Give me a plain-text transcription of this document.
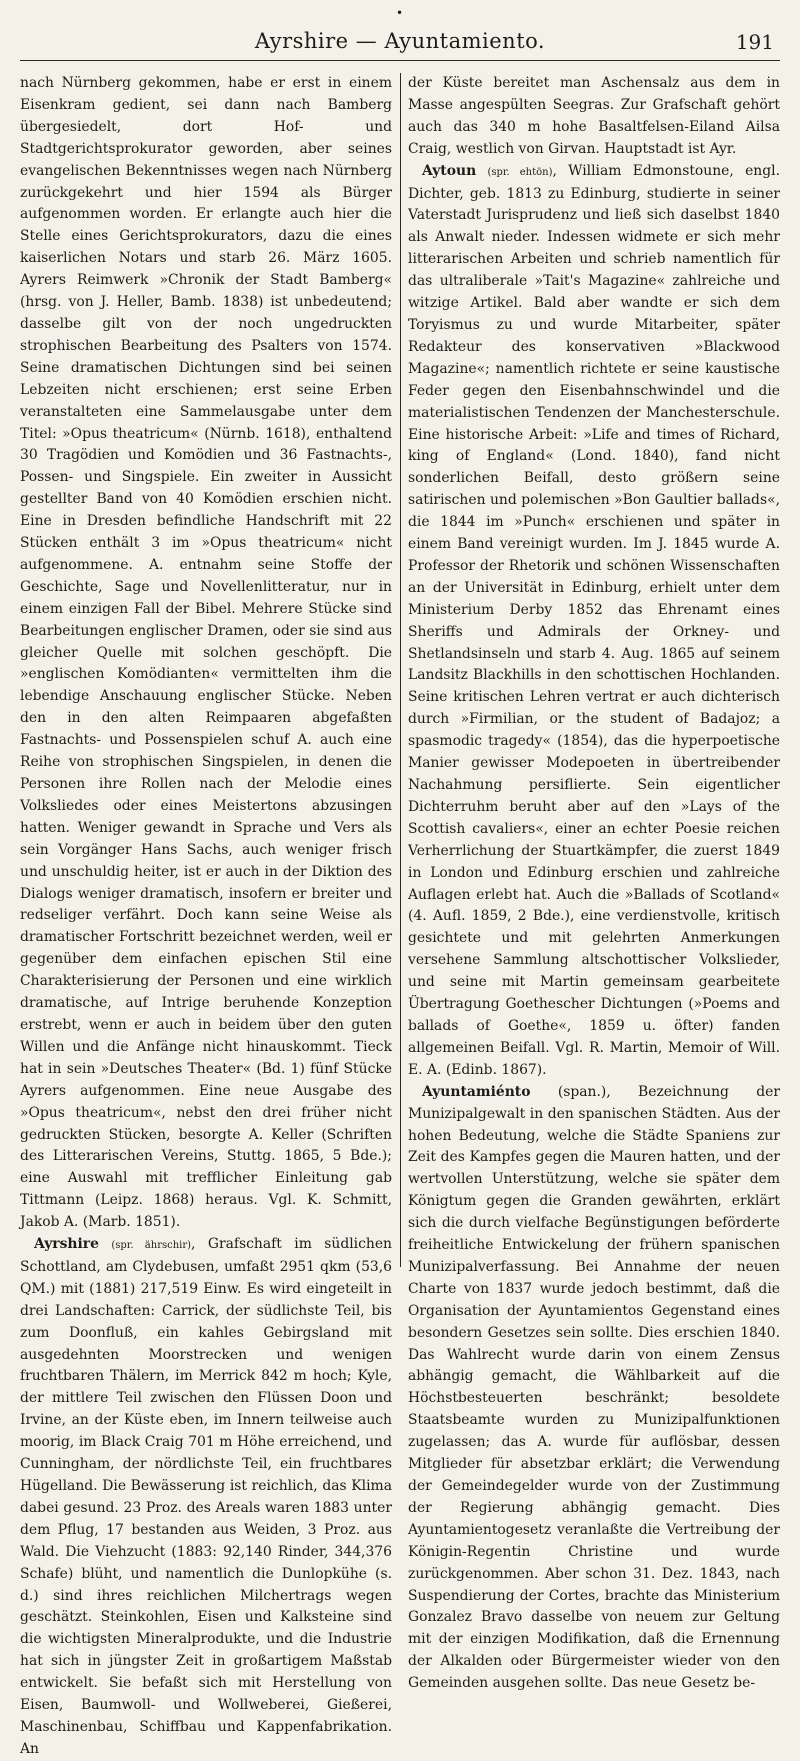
•
Ayrshire — Ayuntamiento.	191

nach Nürnberg gekommen, habe er erst in einem Eisenkram gedient, sei dann nach Bamberg übergesiedelt, dort Hof- und Stadtgerichtsprokurator geworden, aber seines evangelischen Bekenntnisses wegen nach Nürnberg zurückgekehrt und hier 1594 als Bürger aufgenommen worden. Er erlangte auch hier die Stelle eines Gerichtsprokurators, dazu die eines kaiserlichen Notars und starb 26. März 1605. Ayrers Reimwerk »Chronik der Stadt Bamberg« (hrsg. von J. Heller, Bamb. 1838) ist unbedeutend; dasselbe gilt von der noch ungedruckten strophischen Bearbeitung des Psalters von 1574. Seine dramatischen Dichtungen sind bei seinen Lebzeiten nicht erschienen; erst seine Erben veranstalteten eine Sammelausgabe unter dem Titel: »Opus theatricum« (Nürnb. 1618), enthaltend 30 Tragödien und Komödien und 36 Fastnachts-, Possen- und Singspiele. Ein zweiter in Aussicht gestellter Band von 40 Komödien erschien nicht. Eine in Dresden befindliche Handschrift mit 22 Stücken enthält 3 im »Opus theatricum« nicht aufgenommene. A. entnahm seine Stoffe der Geschichte, Sage und Novellenlitteratur, nur in einem einzigen Fall der Bibel. Mehrere Stücke sind Bearbeitungen englischer Dramen, oder sie sind aus gleicher Quelle mit solchen geschöpft. Die »englischen Komödianten« vermittelten ihm die lebendige Anschauung englischer Stücke. Neben den in den alten Reimpaaren abgefaßten Fastnachts- und Possenspielen schuf A. auch eine Reihe von strophischen Singspielen, in denen die Personen ihre Rollen nach der Melodie eines Volksliedes oder eines Meistertons abzusingen hatten. Weniger gewandt in Sprache und Vers als sein Vorgänger Hans Sachs, auch weniger frisch und unschuldig heiter, ist er auch in der Diktion des Dialogs weniger dramatisch, insofern er breiter und redseliger verfährt. Doch kann seine Weise als dramatischer Fortschritt bezeichnet werden, weil er gegenüber dem einfachen epischen Stil eine Charakterisierung der Personen und eine wirklich dramatische, auf Intrige beruhende Konzeption erstrebt, wenn er auch in beidem über den guten Willen und die Anfänge nicht hinauskommt. Tieck hat in sein »Deutsches Theater« (Bd. 1) fünf Stücke Ayrers aufgenommen. Eine neue Ausgabe des »Opus theatricum«, nebst den drei früher nicht gedruckten Stücken, besorgte A. Keller (Schriften des Litterarischen Vereins, Stuttg. 1865, 5 Bde.); eine Auswahl mit trefflicher Einleitung gab Tittmann (Leipz. 1868) heraus. Vgl. K. Schmitt, Jakob A. (Marb. 1851).

Ayrshire (spr. ährschir), Grafschaft im südlichen Schottland, am Clydebusen, umfaßt 2951 qkm (53,6 QM.) mit (1881) 217,519 Einw. Es wird eingeteilt in drei Landschaften: Carrick, der südlichste Teil, bis zum Doonfluß, ein kahles Gebirgsland mit ausgedehnten Moorstrecken und wenigen fruchtbaren Thälern, im Merrick 842 m hoch; Kyle, der mittlere Teil zwischen den Flüssen Doon und Irvine, an der Küste eben, im Innern teilweise auch moorig, im Black Craig 701 m Höhe erreichend, und Cunningham, der nördlichste Teil, ein fruchtbares Hügelland. Die Bewässerung ist reichlich, das Klima dabei gesund. 23 Proz. des Areals waren 1883 unter dem Pflug, 17 bestanden aus Weiden, 3 Proz. aus Wald. Die Viehzucht (1883: 92,140 Rinder, 344,376 Schafe) blüht, und namentlich die Dunlopkühe (s. d.) sind ihres reichlichen Milchertrags wegen geschätzt. Steinkohlen, Eisen und Kalksteine sind die wichtigsten Mineralprodukte, und die Industrie hat sich in jüngster Zeit in großartigem Maßstab entwickelt. Sie befaßt sich mit Herstellung von Eisen, Baumwoll- und Wollweberei, Gießerei, Maschinenbau, Schiffbau und Kappenfabrikation. An

der Küste bereitet man Aschensalz aus dem in Masse angespülten Seegras. Zur Grafschaft gehört auch das 340 m hohe Basaltfelsen-Eiland Ailsa Craig, westlich von Girvan. Hauptstadt ist Ayr.

Aytoun (spr. ehtön), William Edmonstoune, engl. Dichter, geb. 1813 zu Edinburg, studierte in seiner Vaterstadt Jurisprudenz und ließ sich daselbst 1840 als Anwalt nieder. Indessen widmete er sich mehr litterarischen Arbeiten und schrieb namentlich für das ultraliberale »Tait's Magazine« zahlreiche und witzige Artikel. Bald aber wandte er sich dem Toryismus zu und wurde Mitarbeiter, später Redakteur des konservativen »Blackwood Magazine«; namentlich richtete er seine kaustische Feder gegen den Eisenbahnschwindel und die materialistischen Tendenzen der Manchesterschule. Eine historische Arbeit: »Life and times of Richard, king of England« (Lond. 1840), fand nicht sonderlichen Beifall, desto größern seine satirischen und polemischen »Bon Gaultier ballads«, die 1844 im »Punch« erschienen und später in einem Band vereinigt wurden. Im J. 1845 wurde A. Professor der Rhetorik und schönen Wissenschaften an der Universität in Edinburg, erhielt unter dem Ministerium Derby 1852 das Ehrenamt eines Sheriffs und Admirals der Orkney- und Shetlandsinseln und starb 4. Aug. 1865 auf seinem Landsitz Blackhills in den schottischen Hochlanden. Seine kritischen Lehren vertrat er auch dichterisch durch »Firmilian, or the student of Badajoz; a spasmodic tragedy« (1854), das die hyperpoetische Manier gewisser Modepoeten in übertreibender Nachahmung persiflierte. Sein eigentlicher Dichterruhm beruht aber auf den »Lays of the Scottish cavaliers«, einer an echter Poesie reichen Verherrlichung der Stuartkämpfer, die zuerst 1849 in London und Edinburg erschien und zahlreiche Auflagen erlebt hat. Auch die »Ballads of Scotland« (4. Aufl. 1859, 2 Bde.), eine verdienstvolle, kritisch gesichtete und mit gelehrten Anmerkungen versehene Sammlung altschottischer Volkslieder, und seine mit Martin gemeinsam gearbeitete Übertragung Goethescher Dichtungen (»Poems and ballads of Goethe«, 1859 u. öfter) fanden allgemeinen Beifall. Vgl. R. Martin, Memoir of Will. E. A. (Edinb. 1867).

Ayuntamiénto (span.), Bezeichnung der Munizipalgewalt in den spanischen Städten. Aus der hohen Bedeutung, welche die Städte Spaniens zur Zeit des Kampfes gegen die Mauren hatten, und der wertvollen Unterstützung, welche sie später dem Königtum gegen die Granden gewährten, erklärt sich die durch vielfache Begünstigungen beförderte freiheitliche Entwickelung der frühern spanischen Munizipalverfassung. Bei Annahme der neuen Charte von 1837 wurde jedoch bestimmt, daß die Organisation der Ayuntamientos Gegenstand eines besondern Gesetzes sein sollte. Dies erschien 1840. Das Wahlrecht wurde darin von einem Zensus abhängig gemacht, die Wählbarkeit auf die Höchstbesteuerten beschränkt; besoldete Staatsbeamte wurden zu Munizipalfunktionen zugelassen; das A. wurde für auflösbar, dessen Mitglieder für absetzbar erklärt; die Verwendung der Gemeindegelder wurde von der Zustimmung der Regierung abhängig gemacht. Dies Ayuntamientogesetz veranlaßte die Vertreibung der Königin-Regentin Christine und wurde zurückgenommen. Aber schon 31. Dez. 1843, nach Suspendierung der Cortes, brachte das Ministerium Gonzalez Bravo dasselbe von neuem zur Geltung mit der einzigen Modifikation, daß die Ernennung der Alkalden oder Bürgermeister wieder von den Gemeinden ausgehen sollte. Das neue Gesetz be-
